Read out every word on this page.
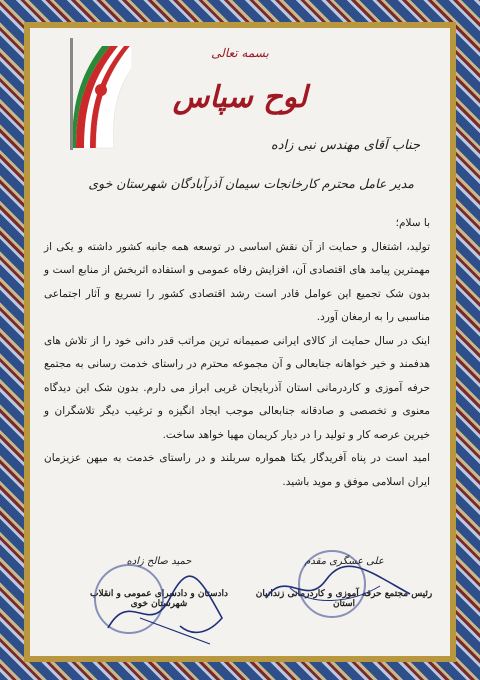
بسمه تعالی
لوح سپاس
جناب آقای مهندس نبی زاده
مدیر عامل محترم کارخانجات سیمان آذرآبادگان شهرستان خوی

با سلام؛

تولید، اشتغال و حمایت از آن نقش اساسی در توسعه همه جانبه کشور داشته و یکی از مهمترین پیامد های اقتصادی آن، افزایش رفاه عمومی و استفاده اثربخش از منابع است و بدون شک تجمیع این عوامل قادر است رشد اقتصادی کشور را تسریع و آثار اجتماعی مناسبی را به ارمغان آورد.

اینک در سال حمایت از کالای ایرانی صمیمانه ترین مراتب قدر دانی خود را از تلاش های هدفمند و خیر خواهانه جنابعالی و آن مجموعه محترم در راستای خدمت رسانی به مجتمع حرفه آموزی و کاردرمانی استان آذربایجان غربی ابراز می دارم. بدون شک این دیدگاه معنوی و تخصصی و صادقانه جنابعالی موجب ایجاد انگیزه و ترغیب دیگر تلاشگران و خیرین عرصه کار و تولید را در دیار کریمان مهیا خواهد ساخت.

امید است در پناه آفریدگار یکتا همواره سربلند و در راستای خدمت به میهن عزیزمان ایران اسلامی موفق و موید باشید.

حمید صالح زاده
دادستان و دادسرای عمومی و انقلاب شهرستان خوی
علی عسگری مقدم
رئیس مجتمع حرفه آموزی و کاردرمانی زندانیان استان
